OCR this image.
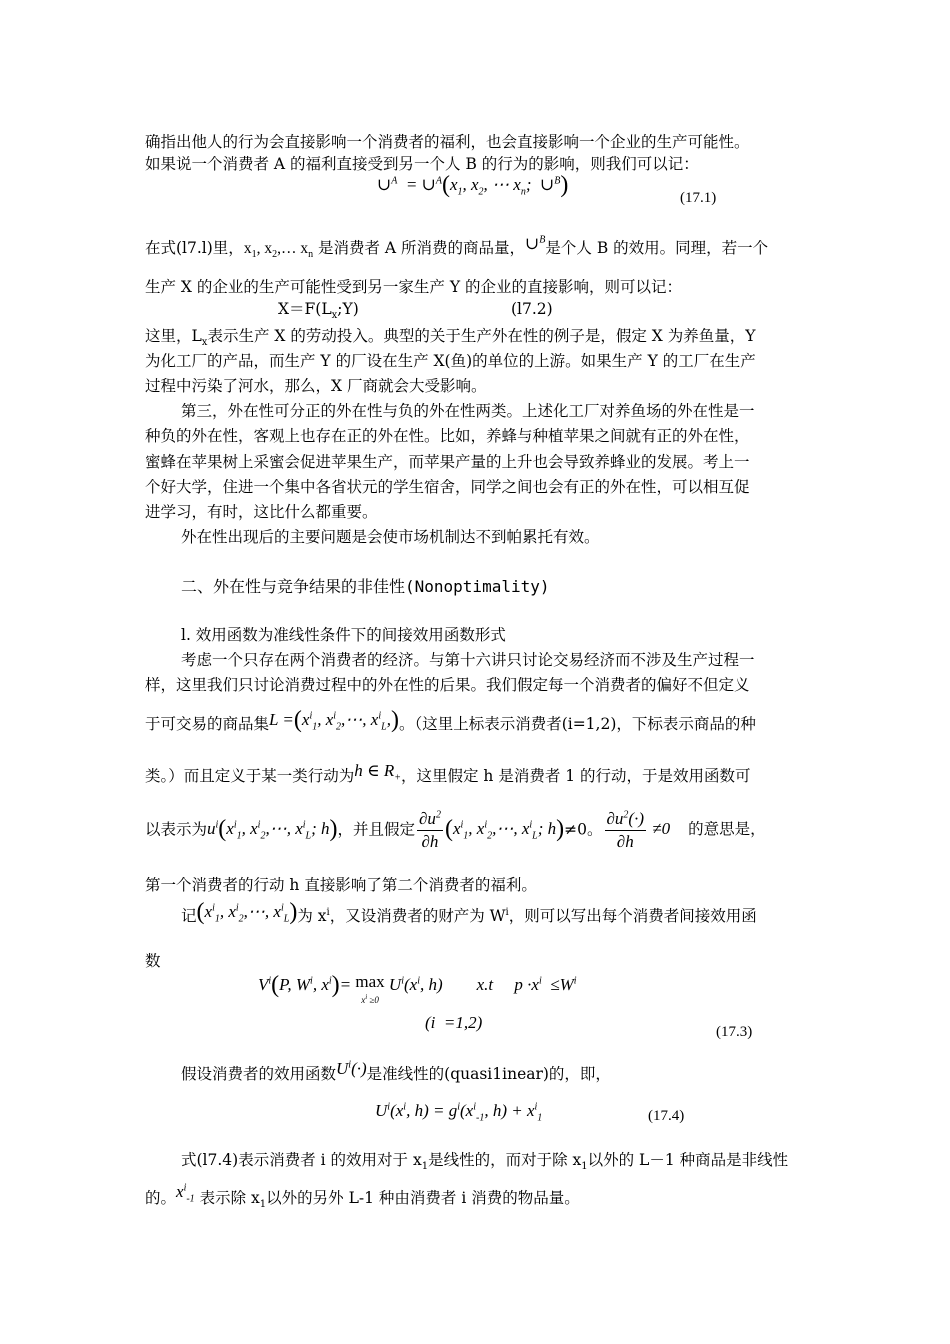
确指出他人的行为会直接影响一个消费者的福利，也会直接影响一个企业的生产可能性。
如果说一个消费者 A 的福利直接受到另一个人 B 的行为的影响，则我们可以记：
∪$^A$  = $\cup^A(x_1$, $x_2$, ⋯ $x_n$;  ∪$^B$)	(17.1)
在式(l7.l)里，$x_1$, $x_2,\dots$ $x_n$ 是消费者 A 所消费的商品量，∪$^B$是个人 B 的效用。同理，若一个
生产 X 的企业的生产可能性受到另一家生产 Y 的企业的直接影响，则可以记：
$X=F(L_x;Y)$	(l7.2)
这里，$L_x$表示生产 X 的劳动投入。典型的关于生产外在性的例子是，假定 X 为养鱼量，Y
为化工厂的产品，而生产 Y 的厂设在生产 X(鱼)的单位的上游。如果生产 Y 的工厂在生产
过程中污染了河水，那么，X 厂商就会大受影响。
第三，外在性可分正的外在性与负的外在性两类。上述化工厂对养鱼场的外在性是一
种负的外在性，客观上也存在正的外在性。比如，养蜂与种植苹果之间就有正的外在性，
蜜蜂在苹果树上采蜜会促进苹果生产，而苹果产量的上升也会导致养蜂业的发展。考上一
个好大学，住进一个集中各省状元的学生宿舍，同学之间也会有正的外在性，可以相互促
进学习，有时，这比什么都重要。
外在性出现后的主要问题是会使市场机制达不到帕累托有效。
二、外在性与竞争结果的非佳性(Nonoptimality)
l. 效用函数为准线性条件下的间接效用函数形式
考虑一个只存在两个消费者的经济。与第十六讲只讨论交易经济而不涉及生产过程一
样，这里我们只讨论消费过程中的外在性的后果。我们假定每一个消费者的偏好不但定义
于可交易的商品集$L =(x^i_1$, $x^i_2,\cdots$, $x^i_L$,)。（这里上标表示消费者(i=1,2)，下标表示商品的种
类。）而且定义于某一类行动为h ∈ $R_+$，这里假定 h 是消费者 1 的行动，于是效用函数可
以表示为$u^i(x^i_1$, $x^i_2,\cdots$, $x^i_L$; h)，并且假定 $\frac{\partial u^2}{\partial h} (x^i_1$, $x^i_2,\cdots$, $x^i_L$; h)≠0。 $\frac{\partial u^2(\cdot)}{\partial h} \ne 0$ 的意思是，
第一个消费者的行动 h 直接影响了第二个消费者的福利。
记($x^i_1$, $x^i_2,\cdots$, $x^i_L$)为 $x^i$，又设消费者的财产为 $W^i$，则可以写出每个消费者间接效用函
数
$V^i(P$, $W^i$, $x^i)= \max$
$x^i \ge 0$ $U^i(x^i$, h)        x.t     $p \cdot x^i \le W^i$
(i  =1,2)	(17.3)
假设消费者的效用函数$U^i(\cdot)$是准线性的(quasi1inear)的，即，
$U^i(x^i$, $h) = g^i(x^i_{-1}$, $h) + x^i_1$	(17.4)
式(l7.4)表示消费者 i 的效用对于 $x_1$是线性的，而对于除 $x_1$以外的 L－1 种商品是非线性
的。$x^i_{-1}$ 表示除 $x_1$以外的另外 L-1 种由消费者 i 消费的物品量。
